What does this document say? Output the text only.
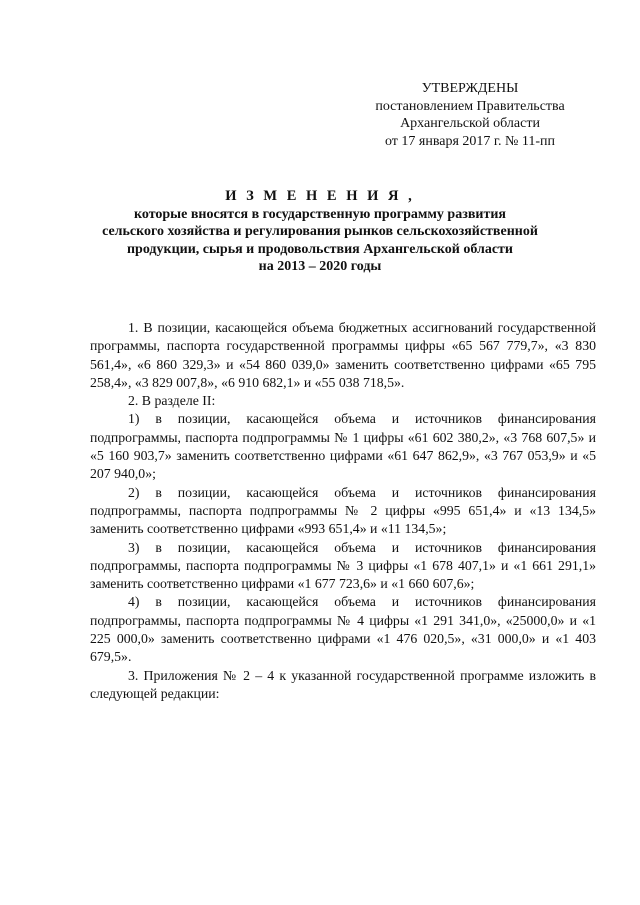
УТВЕРЖДЕНЫ
постановлением Правительства
Архангельской области
от 17 января 2017 г. № 11-пп
И З М Е Н Е Н И Я ,
которые вносятся в государственную программу развития
сельского хозяйства и регулирования рынков сельскохозяйственной
продукции, сырья и продовольствия Архангельской области
на 2013 – 2020 годы

1. В позиции, касающейся объема бюджетных ассигнований государственной программы, паспорта государственной программы цифры «65 567 779,7», «3 830 561,4», «6 860 329,3» и «54 860 039,0» заменить соответственно цифрами «65 795 258,4», «3 829 007,8», «6 910 682,1» и «55 038 718,5».

2. В разделе II:

1) в позиции, касающейся объема и источников финансирования подпрограммы, паспорта подпрограммы № 1 цифры «61 602 380,2», «3 768 607,5» и «5 160 903,7» заменить соответственно цифрами «61 647 862,9», «3 767 053,9» и «5 207 940,0»;

2) в позиции, касающейся объема и источников финансирования подпрограммы, паспорта подпрограммы № 2 цифры «995 651,4» и «13 134,5» заменить соответственно цифрами «993 651,4» и «11 134,5»;

3) в позиции, касающейся объема и источников финансирования подпрограммы, паспорта подпрограммы № 3 цифры «1 678 407,1» и «1 661 291,1» заменить соответственно цифрами «1 677 723,6» и «1 660 607,6»;

4) в позиции, касающейся объема и источников финансирования подпрограммы, паспорта подпрограммы № 4 цифры «1 291 341,0», «25000,0» и «1 225 000,0» заменить соответственно цифрами «1 476 020,5», «31 000,0» и «1 403 679,5».

3. Приложения № 2 – 4 к указанной государственной программе изложить в следующей редакции:
